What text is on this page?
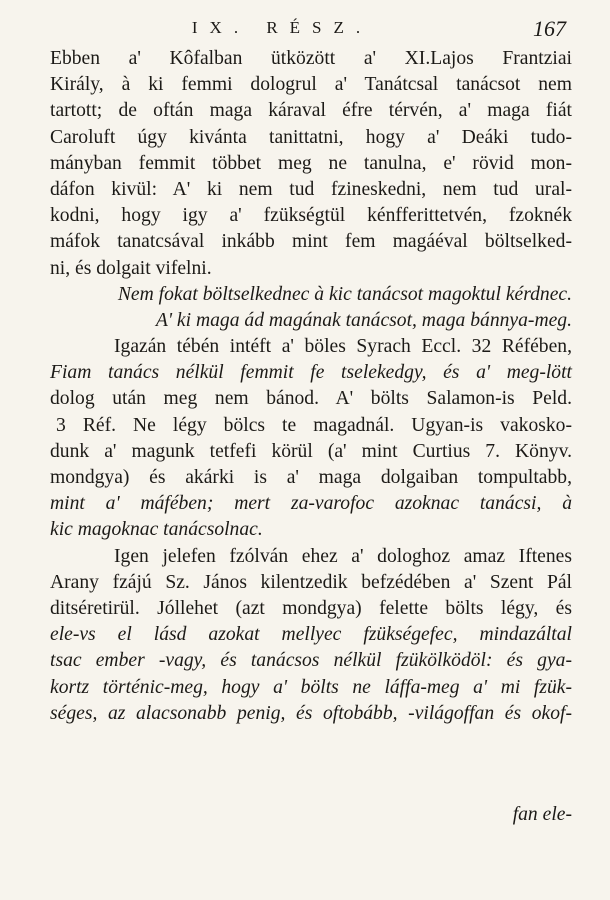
IX. RÉSZ.	167
Ebben a' Kôfalban ütközött a' XI.Lajos Frantziai
Király, à ki femmi dologrul a' Tanátcsal tanácsot nem
tartott; de oftán maga káraval éfre térvén, a' maga fiát
Caroluft úgy kivánta tanittatni, hogy a' Deáki tudo-
mányban femmit többet meg ne tanulna, e' rövid mon-
dáfon kivül: A' ki nem tud fzineskedni, nem tud ural-
kodni, hogy igy a' fzükségtül kénfferittetvén, fzoknék
máfok tanatcsával inkább mint fem magáéval böltselked-
ni, és dolgait vifelni.
Nem fokat böltselkednec à kic tanácsot magoktul kérdnec.
A' ki maga ád magának tanácsot, maga bánnya-meg.
Igazán tébén intéft a' böles Syrach Eccl. 32 Réfében,
Fiam tanács nélkül femmit fe tselekedgy, és a' meg-lött
dolog után meg nem bánod. A' bölts Salamon-is Peld.
3 Réf. Ne légy bölcs te magadnál. Ugyan-is vakosko-
dunk a' magunk tetfefi körül (a' mint Curtius 7. Könyv.
mondgya) és akárki is a' maga dolgaiban tompultabb,
mint a' máfében; mert za-varofoc azoknac tanácsi, à
kic magoknac tanácsolnac.
Igen jelefen fzólván ehez a' dologhoz amaz Iftenes
Arany fzájú Sz. János kilentzedik befzédében a' Szent Pál
ditséretirül. Jóllehet (azt mondgya) felette bölts légy, és
ele-vs el lásd azokat mellyec fzükségefec, mindazáltal
tsac ember -vagy, és tanácsos nélkül fzükölködöl: és gya-
kortz történic-meg, hogy a' bölts ne láffa-meg a' mi fzük-
séges, az alacsonabb penig, és oftobább, -világoffan és okof-
fan ele-
